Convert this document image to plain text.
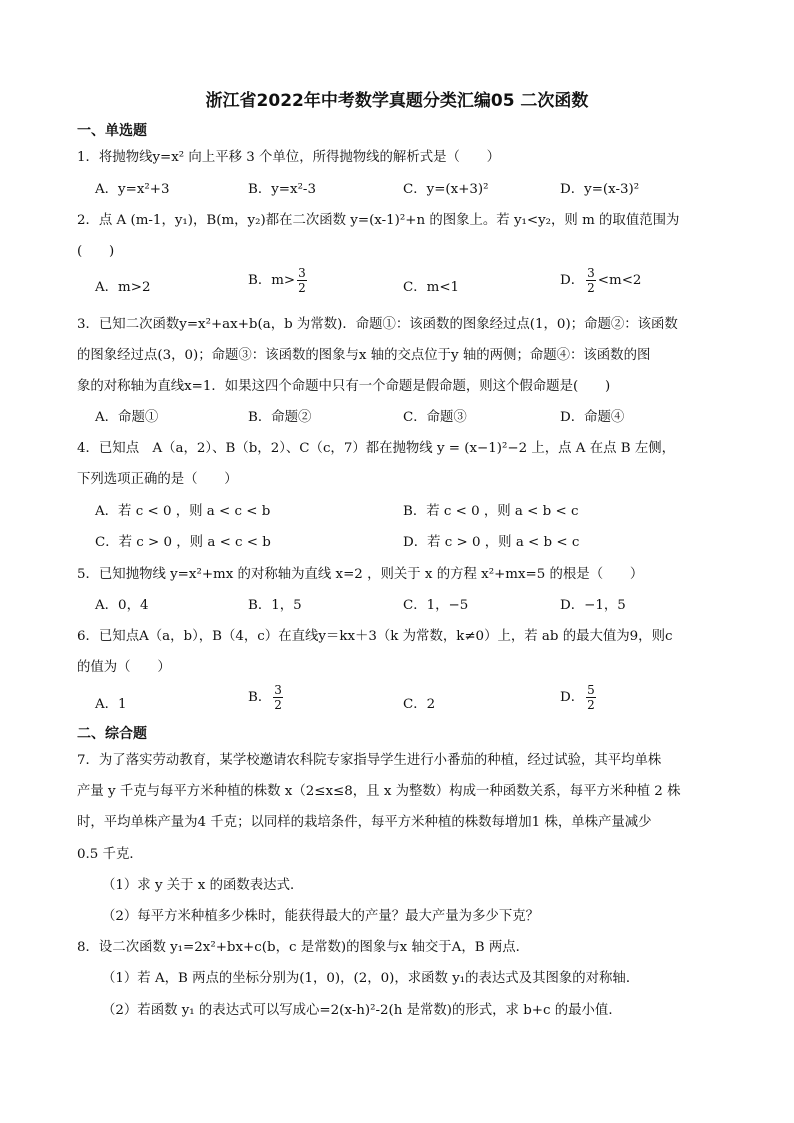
浙江省2022年中考数学真题分类汇编05 二次函数
一、单选题
1．将抛物线y=x² 向上平移 3 个单位，所得抛物线的解析式是（　　）
A．y=x²+3	B．y=x²-3	C．y=(x+3)²	D．y=(x-3)²
2．点 A (m-1，y₁)，B(m，y₂)都在二次函数 y=(x-1)²+n 的图象上。若 y₁<y₂，则 m 的取值范围为
(　　)
A．m>2	B．$m> \frac{3}{2}$	C．m<1	D． $\frac{3}{2} <m<2$
3．已知二次函数y=x²+ax+b(a，b 为常数)．命题①：该函数的图象经过点(1，0)；命题②：该函数
的图象经过点(3，0)；命题③：该函数的图象与x 轴的交点位于y 轴的两侧；命题④：该函数的图
象的对称轴为直线x=1．如果这四个命题中只有一个命题是假命题，则这个假命题是(　　)
A．命题①	B．命题②	C．命题③	D．命题④
4．已知点　A（a，2）、B（b，2）、C（c，7）都在抛物线 y = (x−1)²−2 上，点 A 在点 B 左侧，
下列选项正确的是（　　）
A．若 c < 0 ，则 a < c < b	B．若 c < 0 ，则 a < b < c
C．若 c > 0 ，则 a < c < b	D．若 c > 0 ，则 a < b < c
5．已知抛物线 y=x²+mx 的对称轴为直线 x=2 ，则关于 x 的方程 x²+mx=5 的根是（　　）
A．0，4	B．1，5	C．1，−5	D．−1，5
6．已知点A（a，b），B（4，c）在直线y＝kx＋3（k 为常数，k≠0）上，若 ab 的最大值为9，则c
的值为（　　）
A．1	B． $\frac{3}{2}$	C．2	D． $\frac{5}{2}$
二、综合题
7．为了落实劳动教育，某学校邀请农科院专家指导学生进行小番茄的种植，经过试验，其平均单株
产量 y 千克与每平方米种植的株数 x（2≤x≤8，且 x 为整数）构成一种函数关系，每平方米种植 2 株
时，平均单株产量为4 千克；以同样的栽培条件，每平方米种植的株数每增加1 株，单株产量减少
0.5 千克．
（1）求 y 关于 x 的函数表达式．
（2）每平方米种植多少株时，能获得最大的产量？最大产量为多少下克？
8．设二次函数 y₁=2x²+bx+c(b，c 是常数)的图象与x 轴交于A，B 两点．
（1）若 A，B 两点的坐标分别为(1，0)，(2，0)，求函数 y₁的表达式及其图象的对称轴．
（2）若函数 y₁ 的表达式可以写成心=2(x-h)²-2(h 是常数)的形式，求 b+c 的最小值．
